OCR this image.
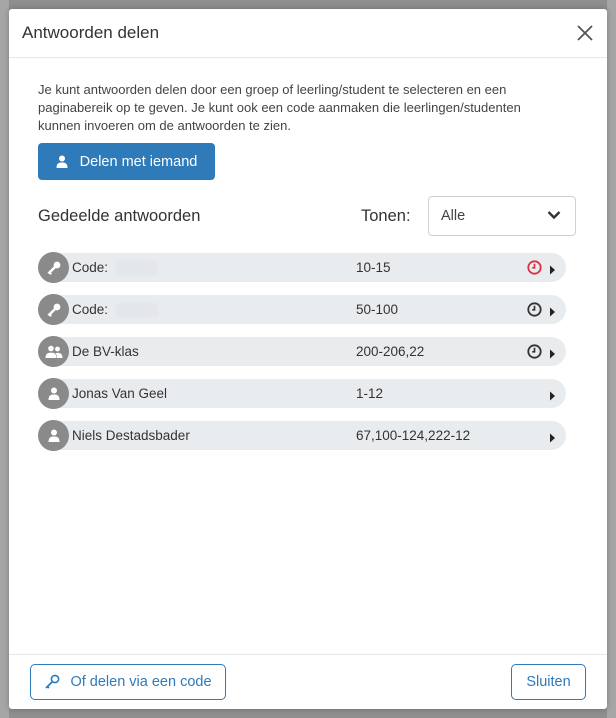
Antwoorden delen

Je kunt antwoorden delen door een groep of leerling/student te selecteren en een paginabereik op te geven. Je kunt ook een code aanmaken die leerlingen/studenten kunnen invoeren om de antwoorden te zien.

Delen met iemand
Gedeelde antwoorden	Tonen: Alle
Code:	10-15
Code:	50-100
De BV-klas	200-206,22
Jonas Van Geel	1-12
Niels Destadsbader	67,100-124,222-12
Of delen via een code	Sluiten
